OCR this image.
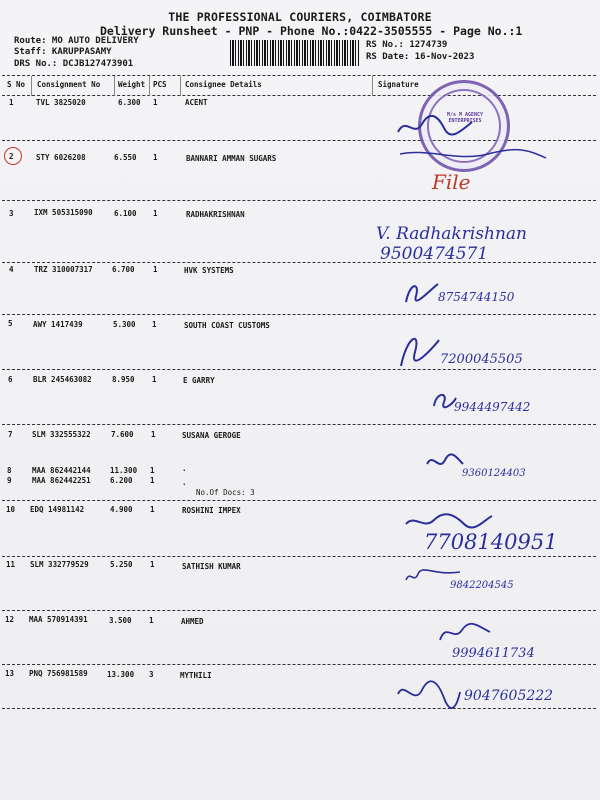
THE PROFESSIONAL COURIERS, COIMBATORE
Delivery Runsheet - PNP - Phone No.:0422-3505555 - Page No.:1
Route: MO AUTO DELIVERY
Staff: KARUPPASAMY
DRS No.: DCJB127473901
RS No.: 1274739
RS Date: 16-Nov-2023
S No Consignment No Weight PCS Consignee Details	Signature
1	TVL 3825020	6.300 1	ACENT
2	STY 6026208	6.550 1	BANNARI AMMAN SUGARS
3	IXM 505315090	6.100 1	RADHAKRISHNAN
4	TRZ 310007317	6.700 1	HVK SYSTEMS
5	AWY 1417439	5.300 1	SOUTH COAST CUSTOMS
6	BLR 245463082	8.950 1	E GARRY
7	SLM 332555322	7.600 1	SUSANA GEROGE
8	MAA 862442144	11.300 1	.
9	MAA 862442251	6.200 1	.
No.Of Docs: 3
10 EDQ 14981142	4.900 1	ROSHINI IMPEX
11 SLM 332779529	5.250 1	SATHISH KUMAR
12 MAA 570914391	3.500 1	AHMED
13 PNQ 756981589	13.300 3	MYTHILI
M/s M AGENCY ENTERPRISES
File
V. Radhakrishnan
9500474571
8754744150
7200045505
9944497442
9360124403
7708140951
9842204545
9994611734
9047605222
